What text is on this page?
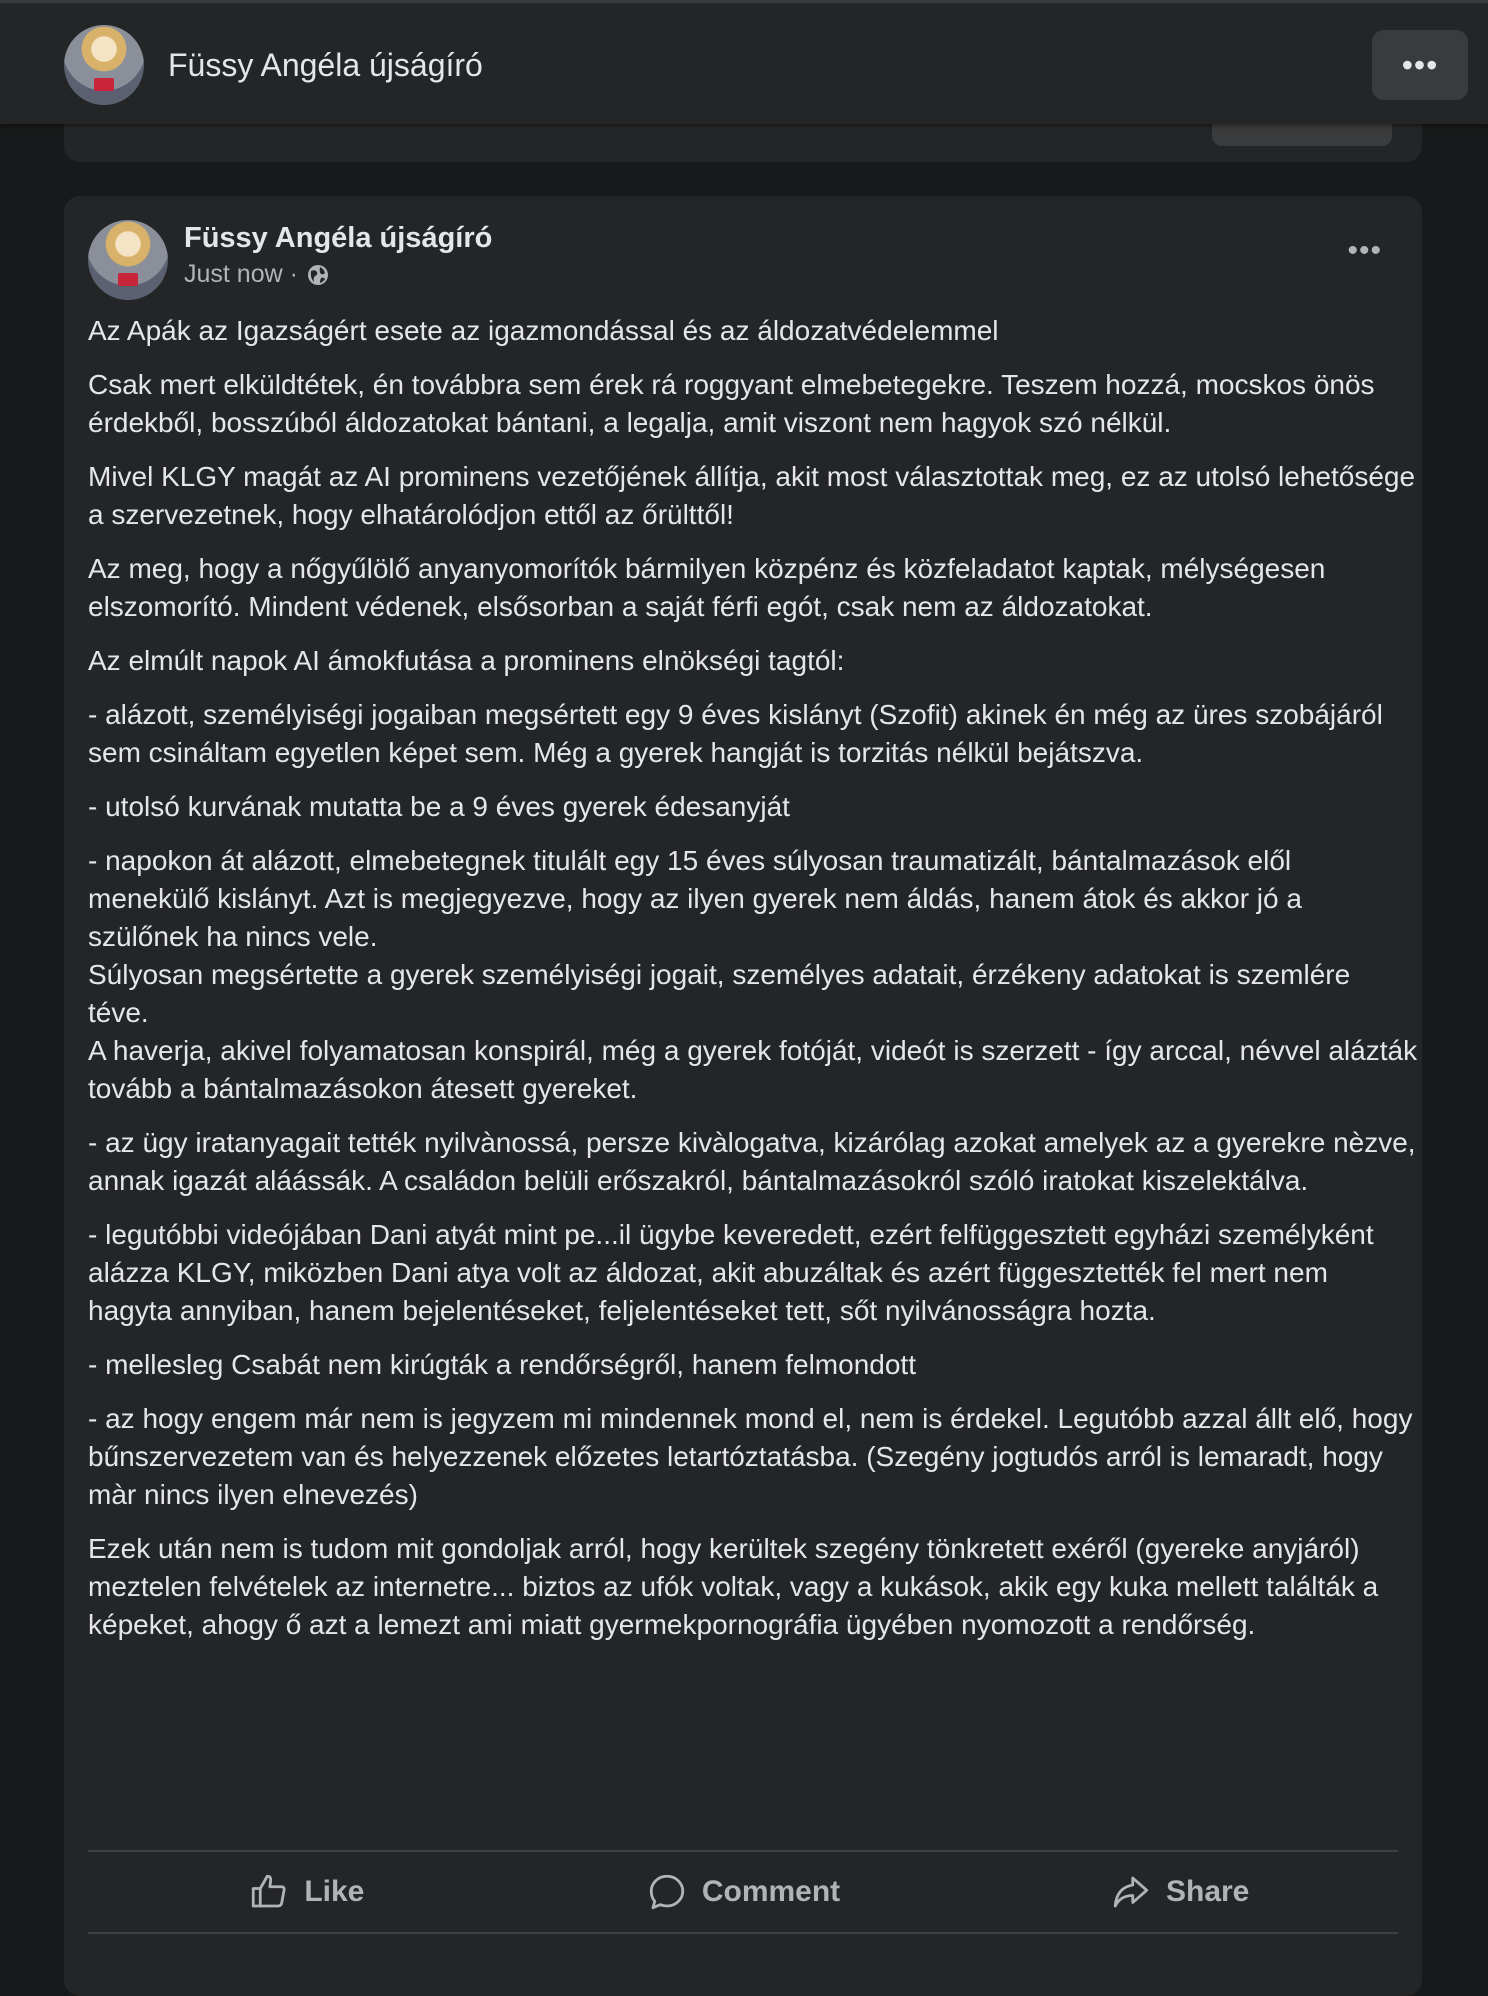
Füssy Angéla újságíró	•••
Füssy Angéla újságíró
Just now ·
•••

Az Apák az Igazságért esete az igazmondással és az áldozatvédelemmel

Csak mert elküldtétek, én továbbra sem érek rá roggyant elmebetegekre. Teszem hozzá, mocskos önös érdekből, bosszúból áldozatokat bántani, a legalja, amit viszont nem hagyok szó nélkül.

Mivel KLGY magát az AI prominens vezetőjének állítja, akit most választottak meg, ez az utolsó lehetősége a szervezetnek, hogy elhatárolódjon ettől az őrülttől!

Az meg, hogy a nőgyűlölő anyanyomorítók bármilyen közpénz és közfeladatot kaptak, mélységesen elszomorító. Mindent védenek, elsősorban a saját férfi egót, csak nem az áldozatokat.

Az elmúlt napok AI ámokfutása a prominens elnökségi tagtól:

- alázott, személyiségi jogaiban megsértett egy 9 éves kislányt (Szofit) akinek én még az üres szobájáról sem csináltam egyetlen képet sem. Még a gyerek hangját is torzitás nélkül bejátszva.

- utolsó kurvának mutatta be a 9 éves gyerek édesanyját

- napokon át alázott, elmebetegnek titulált egy 15 éves súlyosan traumatizált, bántalmazások elől menekülő kislányt. Azt is megjegyezve, hogy az ilyen gyerek nem áldás, hanem átok és akkor jó a szülőnek ha nincs vele.
Súlyosan megsértette a gyerek személyiségi jogait, személyes adatait, érzékeny adatokat is szemlére téve.
A haverja, akivel folyamatosan konspirál, még a gyerek fotóját, videót is szerzett - így arccal, névvel alázták tovább a bántalmazásokon átesett gyereket.

- az ügy iratanyagait tették nyilvànossá, persze kivàlogatva, kizárólag azokat amelyek az a gyerekre nèzve, annak igazát aláássák. A családon belüli erőszakról, bántalmazásokról szóló iratokat kiszelektálva.

- legutóbbi videójában Dani atyát mint pe...il ügybe keveredett, ezért felfüggesztett egyházi személyként alázza KLGY, miközben Dani atya volt az áldozat, akit abuzáltak és azért függesztették fel mert nem hagyta annyiban, hanem bejelentéseket, feljelentéseket tett, sőt nyilvánosságra hozta.

- mellesleg Csabát nem kirúgták a rendőrségről, hanem felmondott

- az hogy engem már nem is jegyzem mi mindennek mond el, nem is érdekel. Legutóbb azzal állt elő, hogy bűnszervezetem van és helyezzenek előzetes letartóztatásba. (Szegény jogtudós arról is lemaradt, hogy màr nincs ilyen elnevezés)

Ezek után nem is tudom mit gondoljak arról, hogy kerültek szegény tönkretett exéről (gyereke anyjáról) meztelen felvételek az internetre... biztos az ufók voltak, vagy a kukások, akik egy kuka mellett találták a képeket, ahogy ő azt a lemezt ami miatt gyermekpornográfia ügyében nyomozott a rendőrség.

Like	Comment	Share
